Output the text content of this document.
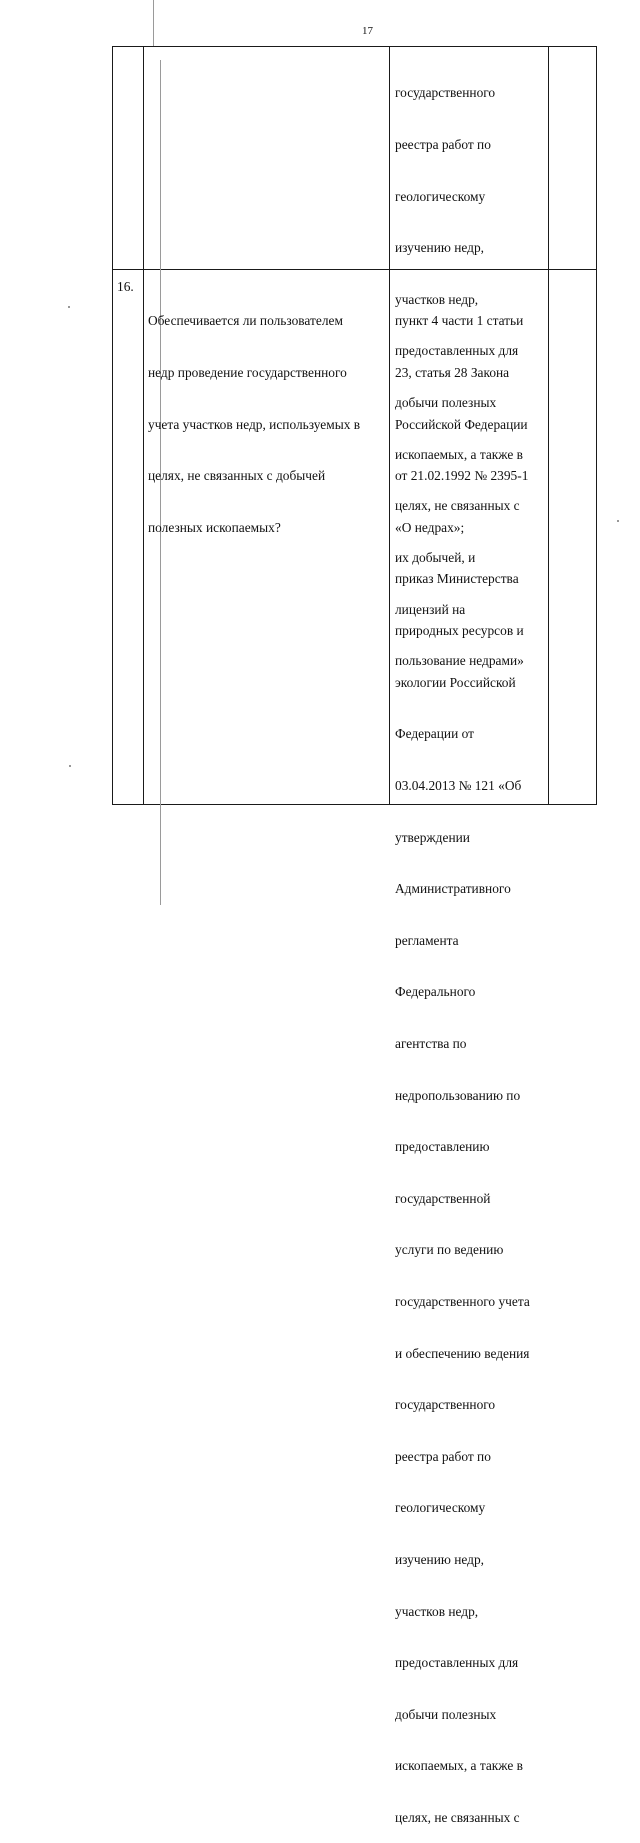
17

государственного

реестра работ по

геологическому

изучению недр,

участков недр,

предоставленных для

добычи полезных

ископаемых, а также в

целях, не связанных с

их добычей, и

лицензий на

пользование недрами»

16.

Обеспечивается ли пользователем

недр проведение государственного

учета участков недр, используемых в

целях, не связанных с добычей

полезных ископаемых?

пункт 4 части 1 статьи

23, статья 28 Закона

Российской Федерации

от 21.02.1992 № 2395-1

«О недрах»;

приказ Министерства

природных ресурсов и

экологии Российской

Федерации от

03.04.2013 № 121 «Об

утверждении

Административного

регламента

Федерального

агентства по

недропользованию по

предоставлению

государственной

услуги по ведению

государственного учета

и обеспечению ведения

государственного

реестра работ по

геологическому

изучению недр,

участков недр,

предоставленных для

добычи полезных

ископаемых, а также в

целях, не связанных с
